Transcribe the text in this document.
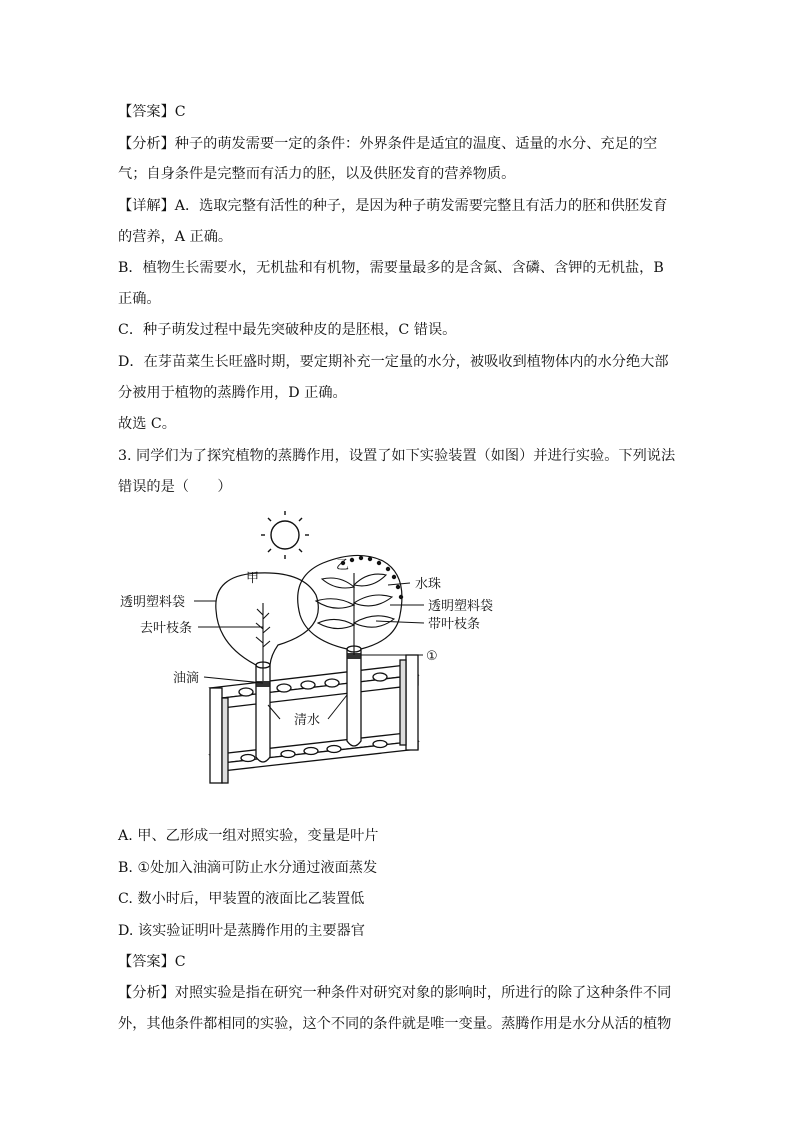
【答案】C
【分析】种子的萌发需要一定的条件：外界条件是适宜的温度、适量的水分、充足的空
气；自身条件是完整而有活力的胚，以及供胚发育的营养物质。
【详解】A．选取完整有活性的种子，是因为种子萌发需要完整且有活力的胚和供胚发育
的营养，A 正确。
B．植物生长需要水，无机盐和有机物，需要量最多的是含氮、含磷、含钾的无机盐，B
正确。
C．种子萌发过程中最先突破种皮的是胚根，C 错误。
D．在芽苗菜生长旺盛时期，要定期补充一定量的水分，被吸收到植物体内的水分绝大部
分被用于植物的蒸腾作用，D 正确。
故选 C。
3. 同学们为了探究植物的蒸腾作用，设置了如下实验装置（如图）并进行实验。下列说法
错误的是（　　）
甲
乙
透明塑料袋
去叶枝条
油滴
清水
水珠
透明塑料袋
带叶枝条
①
A. 甲、乙形成一组对照实验，变量是叶片
B. ①处加入油滴可防止水分通过液面蒸发
C. 数小时后，甲装置的液面比乙装置低
D. 该实验证明叶是蒸腾作用的主要器官
【答案】C
【分析】对照实验是指在研究一种条件对研究对象的影响时，所进行的除了这种条件不同
外，其他条件都相同的实验，这个不同的条件就是唯一变量。蒸腾作用是水分从活的植物
